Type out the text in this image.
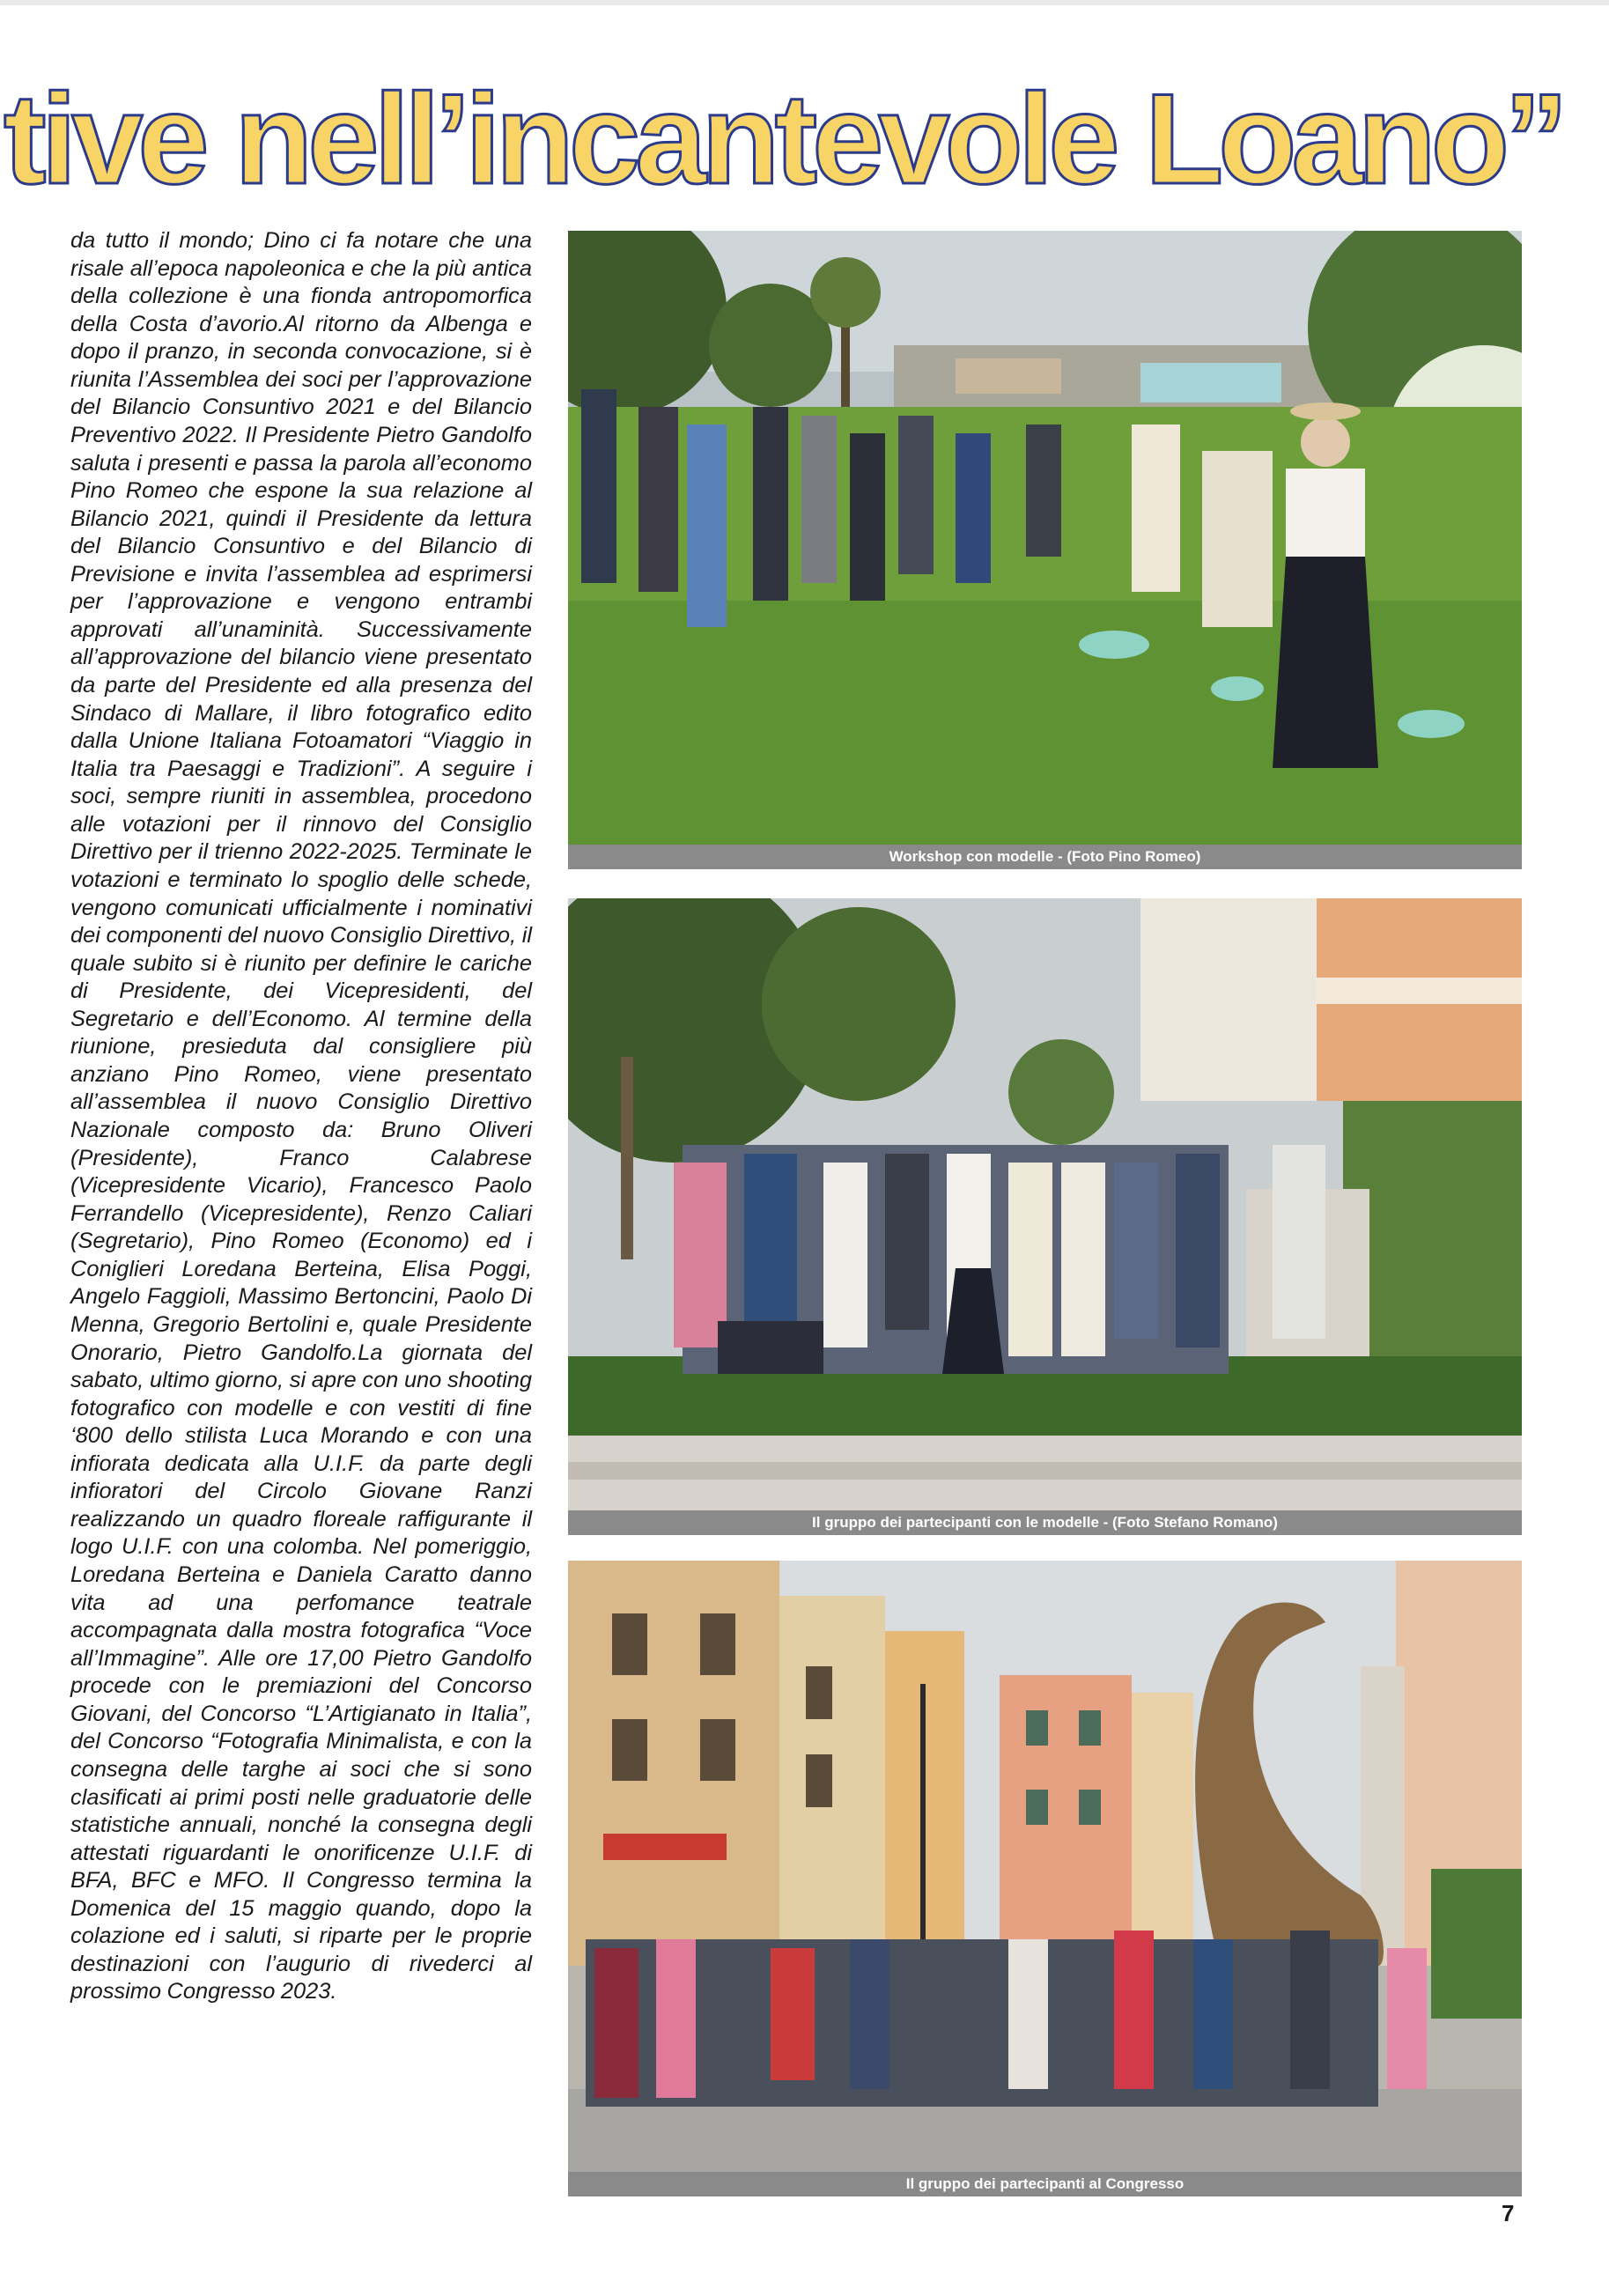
tive nell’incantevole Loano”

da tutto il mondo; Dino ci fa notare che una risale all’epoca napoleonica e che la più antica della collezione è una fionda antropomorfica della Costa d’avorio.Al ritorno da Albenga e dopo il pranzo, in seconda convocazione, si è riunita l’Assemblea dei soci per l’approvazione del Bilancio Consuntivo 2021 e del Bilancio Preventivo 2022. Il Presidente Pietro Gandolfo saluta i presenti e passa la parola all’economo Pino Romeo che espone la sua relazione al Bilancio 2021, quindi il Presidente da lettura del Bilancio Consuntivo e del Bilancio di Previsione e invita l’assemblea ad esprimersi per l’approvazione e vengono entrambi approvati all’unaminità. Successivamente all’approvazione del bilancio viene presentato da parte del Presidente ed alla presenza del Sindaco di Mallare, il libro fotografico edito dalla Unione Italiana Fotoamatori “Viaggio in Italia tra Paesaggi e Tradizioni”. A seguire i soci, sempre riuniti in assemblea, procedono alle votazioni per il rinnovo del Consiglio Direttivo per il trienno 2022-2025. Terminate le votazioni e terminato lo spoglio delle schede, vengono comunicati ufficialmente i nominativi dei componenti del nuovo Consiglio Direttivo, il quale subito si è riunito per definire le cariche di Presidente, dei Vicepresidenti, del Segretario e dell’Economo. Al termine della riunione, presieduta dal consigliere più anziano Pino Romeo, viene presentato all’assemblea il nuovo Consiglio Direttivo Nazionale composto da: Bruno Oliveri (Presidente), Franco Calabrese (Vicepresidente Vicario), Francesco Paolo Ferrandello (Vicepresidente), Renzo Caliari (Segretario), Pino Romeo (Economo) ed i Coniglieri Loredana Berteina, Elisa Poggi, Angelo Faggioli, Massimo Bertoncini, Paolo Di Menna, Gregorio Bertolini e, quale Presidente Onorario, Pietro Gandolfo.La giornata del sabato, ultimo giorno, si apre con uno shooting fotografico con modelle e con vestiti di fine ‘800 dello stilista Luca Morando e con una infiorata dedicata alla U.I.F. da parte degli infioratori del Circolo Giovane Ranzi realizzando un quadro floreale raffigurante il logo U.I.F. con una colomba. Nel pomeriggio, Loredana Berteina e Daniela Caratto danno vita ad una perfomance teatrale accompagnata dalla mostra fotografica “Voce all’Immagine”. Alle ore 17,00 Pietro Gandolfo procede con le premiazioni del Concorso Giovani, del Concorso “L’Artigianato in Italia”, del Concorso “Fotografia Minimalista, e con la consegna delle targhe ai soci che si sono clasificati ai primi posti nelle graduatorie delle statistiche annuali, nonché la consegna degli attestati riguardanti le onorificenze U.I.F. di BFA, BFC e MFO. Il Congresso termina la Domenica del 15 maggio quando, dopo la colazione ed i saluti, si riparte per le proprie destinazioni con l’augurio di rivederci al prossimo Congresso 2023.

Workshop con modelle - (Foto Pino Romeo)
Il gruppo dei partecipanti con le modelle - (Foto Stefano Romano)
Il gruppo dei partecipanti al Congresso
7
